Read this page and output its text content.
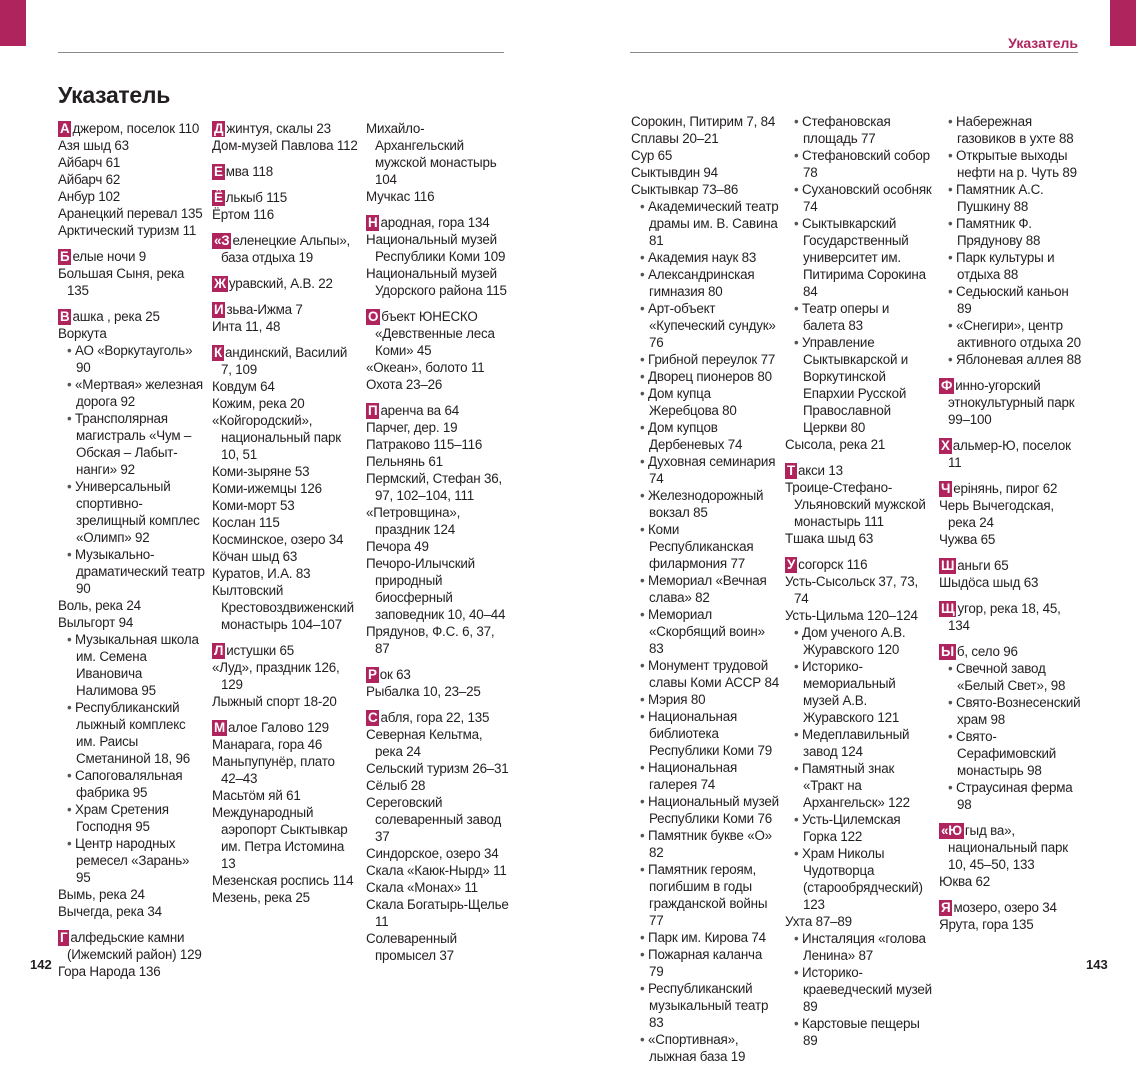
Указатель
142	143
Указатель

А джером, поселок 110

Азя шыд 63

Айбарч 61

Айбарч 62

Анбур 102

Аранецкий перевал 135

Арктический туризм 11

Б елые ночи 9

Большая Сыня, река 135

В ашка , река 25

Воркута

• АО «Воркутауголь» 90

• «Мертвая» железная дорога 92

• Трансполярная магистраль «Чум – Обская – Лабыт-нанги» 92

• Универсальный спортивно-зрелищный комплес «Олимп» 92

• Музыкально-драматический театр 90

Воль, река 24

Выльгорт 94

• Музыкальная школа им. Семена Ивановича Налимова 95

• Республиканский лыжный комплекс им. Раисы Сметаниной 18, 96

• Сапоговаляльная фабрика 95

• Храм Сретения Господня 95

• Центр народных ремесел «Зарань» 95

Вымь, река 24

Вычегда, река 34

Г алфедьские камни (Ижемский район) 129

Гора Народа 136

Д жинтуя, скалы 23

Дом-музей Павлова 112

Е мва 118

Ё лькыб 115

Ёртом 116

«З еленецкие Альпы», база отдыха 19

Ж уравский, А.В. 22

И зьва-Ижма 7

Инта 11, 48

К андинский, Василий 7, 109

Ковдум 64

Кожим, река 20

«Койгородский», национальный парк 10, 51

Коми-зыряне 53

Коми-ижемцы 126

Коми-морт 53

Кослан 115

Косминское, озеро 34

Кöчан шыд 63

Куратов, И.А. 83

Кылтовский Крестовоздвиженский монастырь 104–107

Л истушки 65

«Луд», праздник 126, 129

Лыжный спорт 18-20

М алое Галово 129

Манарага, гора 46

Маньпупунёр, плато 42–43

Масьтöм яй 61

Международный аэропорт Сыктывкар им. Петра Истомина 13

Мезенская роспись 114

Мезень, река 25

Михайло-Архангельский мужской монастырь 104

Мучкас 116

Н ародная, гора 134

Национальный музей Республики Коми 109

Национальный музей Удорского района 115

О бъект ЮНЕСКО «Девственные леса Коми» 45

«Океан», болото 11

Охота 23–26

П аренча ва 64

Парчег, дер. 19

Патраково 115–116

Пельнянь 61

Пермский, Стефан 36, 97, 102–104, 111

«Петровщина», праздник 124

Печора 49

Печоро-Илычский природный биосферный заповедник 10, 40–44

Прядунов, Ф.С. 6, 37, 87

Р ок 63

Рыбалка 10, 23–25

С абля, гора 22, 135

Северная Кельтма, река 24

Сельский туризм 26–31

Сёлыб 28

Сереговский солеваренный завод 37

Синдорское, озеро 34

Скала «Каюк-Нырд» 11

Скала «Монах» 11

Скала Богатырь-Щелье 11

Солеваренный промысел 37

Сорокин, Питирим 7, 84

Сплавы 20–21

Сур 65

Сыктывдин 94

Сыктывкар 73–86

• Академический театр драмы им. В. Савина 81

• Академия наук 83

• Александринская гимназия 80

• Арт-объект «Купеческий сундук» 76

• Грибной переулок 77

• Дворец пионеров 80

• Дом купца Жеребцова 80

• Дом купцов Дербеневых 74

• Духовная семинария 74

• Железнодорожный вокзал 85

• Коми Республиканская филармония 77

• Мемориал «Вечная слава» 82

• Мемориал «Скорбящий воин» 83

• Монумент трудовой славы Коми АССР 84

• Мэрия 80

• Национальная библиотека Республики Коми 79

• Национальная галерея 74

• Национальный музей Республики Коми 76

• Памятник букве «О» 82

• Памятник героям, погибшим в годы гражданской войны 77

• Парк им. Кирова 74

• Пожарная каланча 79

• Республиканский музыкальный театр 83

• «Спортивная», лыжная база 19

• Стефановская площадь 77

• Стефановский собор 78

• Сухановский особняк 74

• Сыктывкарский Государственный университет им. Питирима Сорокина 84

• Театр оперы и балета 83

• Управление Сыктывкарской и Воркутинской Епархии Русской Православной Церкви 80

Сысола, река 21

Т акси 13

Троице-Стефано-Ульяновский мужской монастырь 111

Тшака шыд 63

У согорск 116

Усть-Сысольск 37, 73, 74

Усть-Цильма 120–124

• Дом ученого А.В. Журавского 120

• Историко-мемориальный музей А.В. Журавского 121

• Медеплавильный завод 124

• Памятный знак «Тракт на Архангельск» 122

• Усть-Цилемская Горка 122

• Храм Николы Чудотворца (старообрядческий) 123

Ухта 87–89

• Инсталяция «голова Ленина» 87

• Историко-краеведческий музей 89

• Карстовые пещеры 89

• Набережная газовиков в ухте 88

• Открытые выходы нефти на р. Чуть 89

• Памятник А.С. Пушкину 88

• Памятник Ф. Прядунову 88

• Парк культуры и отдыха 88

• Седьюский каньон 89

• «Снегири», центр активного отдыха 20

• Яблоневая аллея 88

Ф инно-угорский этнокультурный парк 99–100

Х альмер-Ю, поселок 11

Ч ерінянь, пирог 62

Черь Вычегодская, река 24

Чужва 65

Ш аньги 65

Шыдöса шыд 63

Щ угор, река 18, 45, 134

Ы б, село 96

• Свечной завод «Белый Свет», 98

• Свято-Вознесенский храм 98

• Свято-Серафимовский монастырь 98

• Страусиная ферма 98

«Ю гыд ва», национальный парк 10, 45–50, 133

Юква 62

Я мозеро, озеро 34

Ярута, гора 135
